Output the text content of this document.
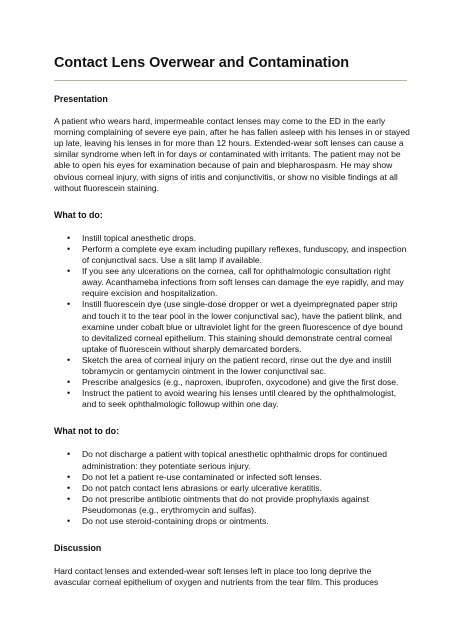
Contact Lens Overwear and Contamination
Presentation

A patient who wears hard, impermeable contact lenses may come to the ED in the early morning complaining of severe eye pain, after he has fallen asleep with his lenses in or stayed up late, leaving his lenses in for more than 12 hours. Extended-wear soft lenses can cause a similar syndrome when left in for days or contaminated with irritants. The patient may not be able to open his eyes for examination because of pain and blepharospasm. He may show obvious corneal injury, with signs of iritis and conjunctivitis, or show no visible findings at all without fluorescein staining.

What to do:
• Instill topical anesthetic drops.
• Perform a complete eye exam including pupillary reflexes, funduscopy, and inspection of conjunctival sacs. Use a slit lamp if available.
• If you see any ulcerations on the cornea, call for ophthalmologic consultation right away. Acanthameba infections from soft lenses can damage the eye rapidly, and may require excision and hospitalization.
• Instill fluorescein dye (use single-dose dropper or wet a dyeimpregnated paper strip and touch it to the tear pool in the lower conjunctival sac), have the patient blink, and examine under cobalt blue or ultraviolet light for the green fluorescence of dye bound to devitalized corneal epithelium. This staining should demonstrate central corneal uptake of fluorescein without sharply demarcated borders.
• Sketch the area of corneal injury on the patient record, rinse out the dye and instill tobramycin or gentamycin ointment in the lower conjunctival sac.
• Prescribe analgesics (e.g., naproxen, ibuprofen, oxycodone) and give the first dose.
• Instruct the patient to avoid wearing his lenses until cleared by the ophthalmologist, and to seek ophthalmologic followup within one day.
What not to do:
• Do not discharge a patient with topical anesthetic ophthalmic drops for continued administration: they potentiate serious injury.
• Do not let a patient re-use contaminated or infected soft lenses.
• Do not patch contact lens abrasions or early ulcerative keratitis.
• Do not prescribe antibiotic ointments that do not provide prophylaxis against Pseudomonas (e.g., erythromycin and sulfas).
• Do not use steroid-containing drops or ointments.
Discussion

Hard contact lenses and extended-wear soft lenses left in place too long deprive the avascular corneal epithelium of oxygen and nutrients from the tear film. This produces
